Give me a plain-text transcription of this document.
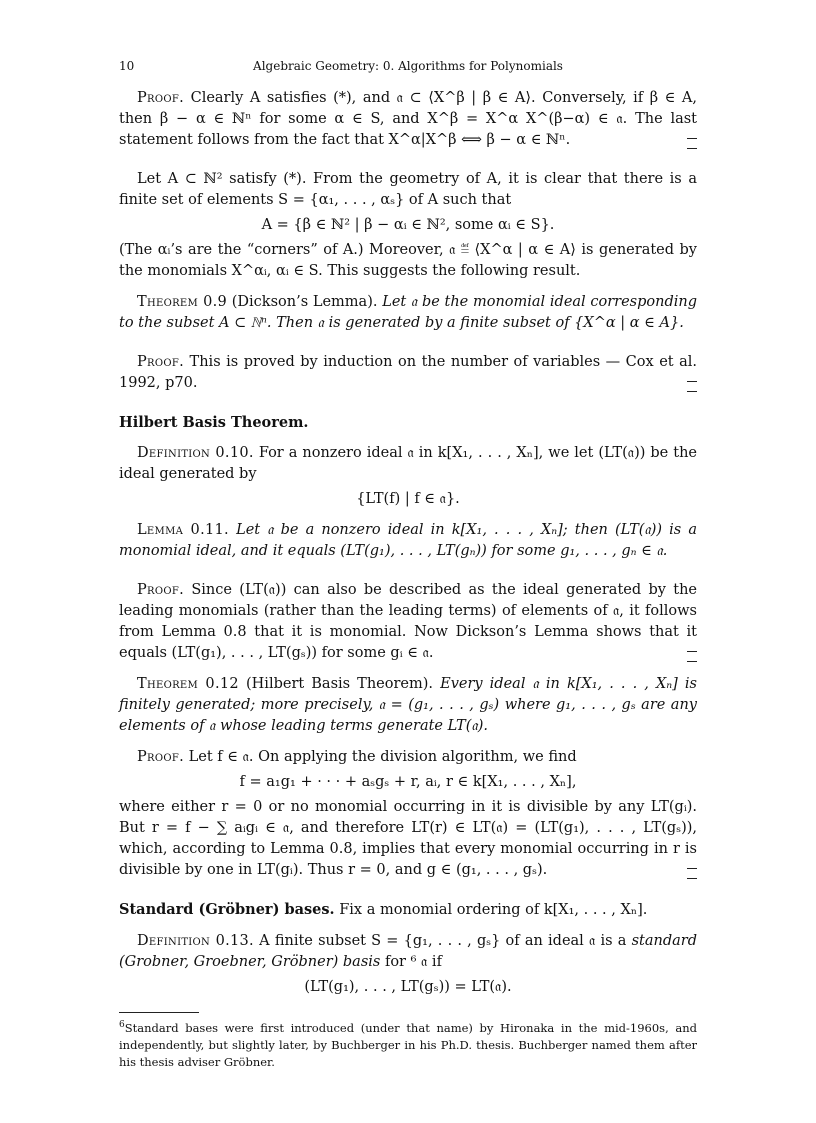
10	Algebraic Geometry: 0. Algorithms for Polynomials

Proof. Clearly A satisfies (*), and 𝔞 ⊂ ⟨X^β | β ∈ A⟩. Conversely, if β ∈ A, then β − α ∈ ℕⁿ for some α ∈ S, and X^β = X^α X^(β−α) ∈ 𝔞. The last statement follows from the fact that X^α|X^β ⟺ β − α ∈ ℕⁿ.

Let A ⊂ ℕ² satisfy (*). From the geometry of A, it is clear that there is a finite set of elements S = {α₁, . . . , αₛ} of A such that

A = {β ∈ ℕ² | β − αᵢ ∈ ℕ², some αᵢ ∈ S}.

(The αᵢ’s are the “corners” of A.) Moreover, 𝔞 ≝ ⟨X^α | α ∈ A⟩ is generated by the monomials X^αᵢ, αᵢ ∈ S. This suggests the following result.

Theorem 0.9 (Dickson’s Lemma). Let 𝔞 be the monomial ideal corresponding to the subset A ⊂ ℕⁿ. Then 𝔞 is generated by a finite subset of {X^α | α ∈ A}.

Proof. This is proved by induction on the number of variables — Cox et al. 1992, p70.

Hilbert Basis Theorem.

Definition 0.10. For a nonzero ideal 𝔞 in k[X₁, . . . , Xₙ], we let (LT(𝔞)) be the ideal generated by

{LT(f) | f ∈ 𝔞}.

Lemma 0.11. Let 𝔞 be a nonzero ideal in k[X₁, . . . , Xₙ]; then (LT(𝔞)) is a monomial ideal, and it equals (LT(g₁), . . . , LT(gₙ)) for some g₁, . . . , gₙ ∈ 𝔞.

Proof. Since (LT(𝔞)) can also be described as the ideal generated by the leading monomials (rather than the leading terms) of elements of 𝔞, it follows from Lemma 0.8 that it is monomial. Now Dickson’s Lemma shows that it equals (LT(g₁), . . . , LT(gₛ)) for some gᵢ ∈ 𝔞.

Theorem 0.12 (Hilbert Basis Theorem). Every ideal 𝔞 in k[X₁, . . . , Xₙ] is finitely generated; more precisely, 𝔞 = (g₁, . . . , gₛ) where g₁, . . . , gₛ are any elements of 𝔞 whose leading terms generate LT(𝔞).

Proof. Let f ∈ 𝔞. On applying the division algorithm, we find

f = a₁g₁ + · · · + aₛgₛ + r, aᵢ, r ∈ k[X₁, . . . , Xₙ],

where either r = 0 or no monomial occurring in it is divisible by any LT(gᵢ). But r = f − ∑ aᵢgᵢ ∈ 𝔞, and therefore LT(r) ∈ LT(𝔞) = (LT(g₁), . . . , LT(gₛ)), which, according to Lemma 0.8, implies that every monomial occurring in r is divisible by one in LT(gᵢ). Thus r = 0, and g ∈ (g₁, . . . , gₛ).

Standard (Gröbner) bases. Fix a monomial ordering of k[X₁, . . . , Xₙ].

Definition 0.13. A finite subset S = {g₁, . . . , gₛ} of an ideal 𝔞 is a standard (Grobner, Groebner, Gröbner) basis for ⁶ 𝔞 if

(LT(g₁), . . . , LT(gₛ)) = LT(𝔞).
$^6$Standard bases were first introduced (under that name) by Hironaka in the mid-1960s, and independently, but slightly later, by Buchberger in his Ph.D. thesis. Buchberger named them after his thesis adviser Gröbner.
